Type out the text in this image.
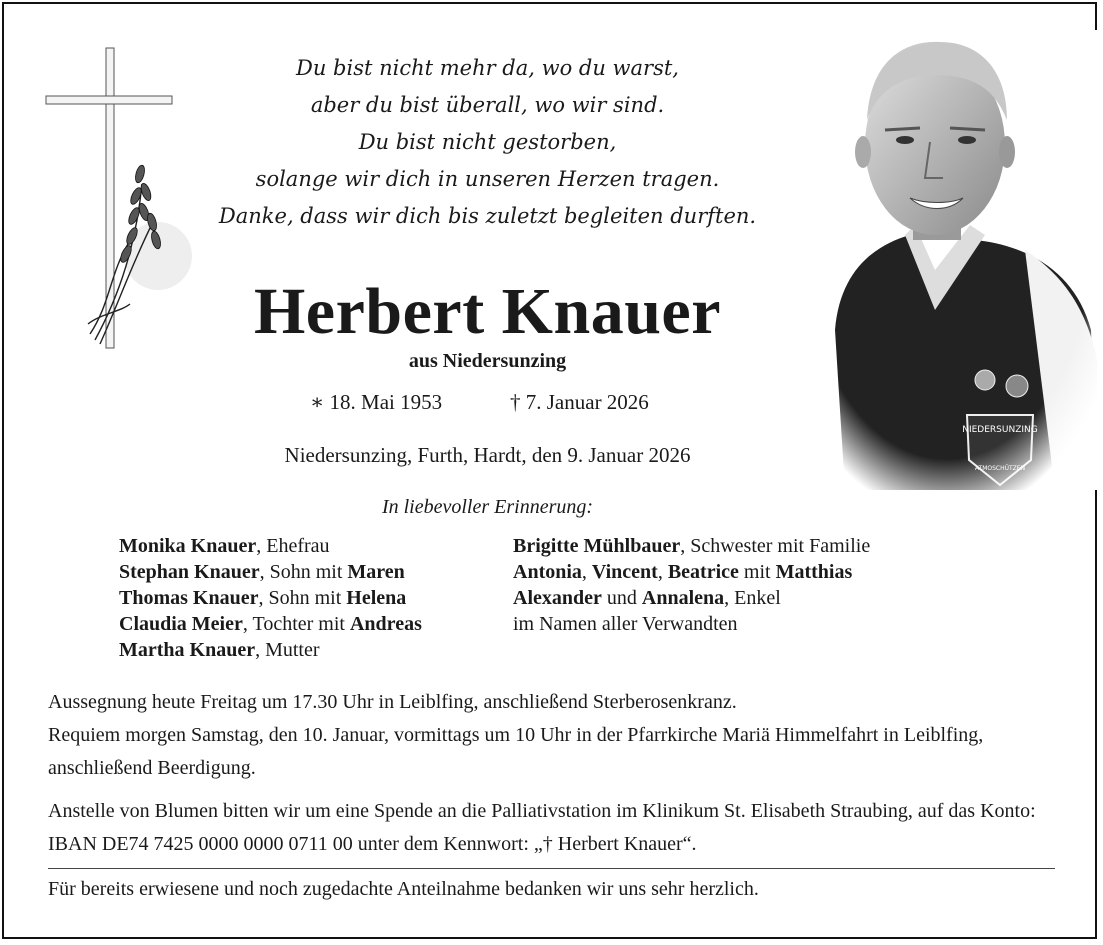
Du bist nicht mehr da, wo du warst,
aber du bist überall, wo wir sind.
Du bist nicht gestorben,
solange wir dich in unseren Herzen tragen.
Danke, dass wir dich bis zuletzt begleiten durften.
Herbert Knauer
aus Niedersunzing
∗ 18. Mai 1953	† 7. Januar 2026
Niedersunzing, Furth, Hardt, den 9. Januar 2026
In liebevoller Erinnerung:
Monika Knauer, Ehefrau
Stephan Knauer, Sohn mit Maren
Thomas Knauer, Sohn mit Helena
Claudia Meier, Tochter mit Andreas
Martha Knauer, Mutter
Brigitte Mühlbauer, Schwester mit Familie
Antonia, Vincent, Beatrice mit Matthias
Alexander und Annalena, Enkel
im Namen aller Verwandten
Aussegnung heute Freitag um 17.30 Uhr in Leiblfing, anschließend Sterberosenkranz.
Requiem morgen Samstag, den 10. Januar, vormittags um 10 Uhr in der Pfarrkirche Mariä Himmelfahrt in Leiblfing, anschließend Beerdigung.
Anstelle von Blumen bitten wir um eine Spende an die Palliativstation im Klinikum St. Elisabeth Straubing, auf das Konto: IBAN DE74 7425 0000 0000 0711 00 unter dem Kennwort: „† Herbert Knauer“.
Für bereits erwiesene und noch zugedachte Anteilnahme bedanken wir uns sehr herzlich.
